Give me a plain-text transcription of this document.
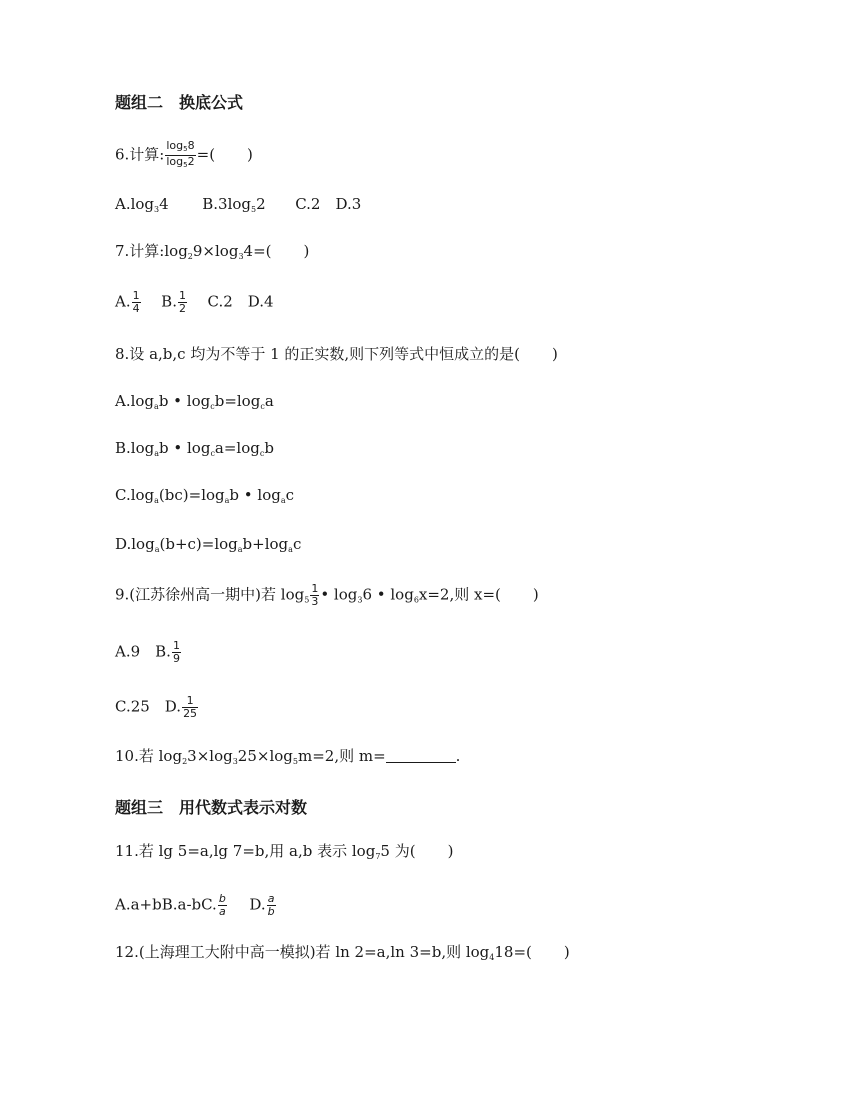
题组二　换底公式
6.计算: $\frac{\log_58}{\log_52}$ =( )
$A.\log_34$ $B.3\log_52$ C.2　D.3
7.计算$:\log_29\times\log_34=$( )
A. $\frac{1}{4} B$. $\frac{1}{2} C.2$　D.4
8.设 a,b,c 均为不等于 1 的正实数,则下列等式中恒成立的是( )
$A.\log_ab$ • $\log_cb=\log_ca$
$B.\log_ab$ • $\log_ca=\log_cb$
$C.\log_a(bc)=\log_ab$ • $\log_ac$
$D.\log_a(b+c)=\log_ab+\log_ac$
9.(江苏徐州高一期中)若 $\log_5 \frac{1}{3}$ • $\log_36$ • $\log_6x=2$,则 x=( )
A.9　B. $\frac{1}{9}$
C.25　D. $\frac{1}{25}$
10.若 $\log_23\times\log_325\times\log_5m=2$,则 m=	.
题组三　用代数式表示对数
11.若 lg 5=a,lg 7=b,用 a,b 表示 $\log_75$ 为( )
A.a+bB.a-bC. $\frac{b}{a} D$. $\frac{a}{b}$
12.(上海理工大附中高一模拟)若 ln 2=a,ln 3=b,则 $\log_418=$( )
